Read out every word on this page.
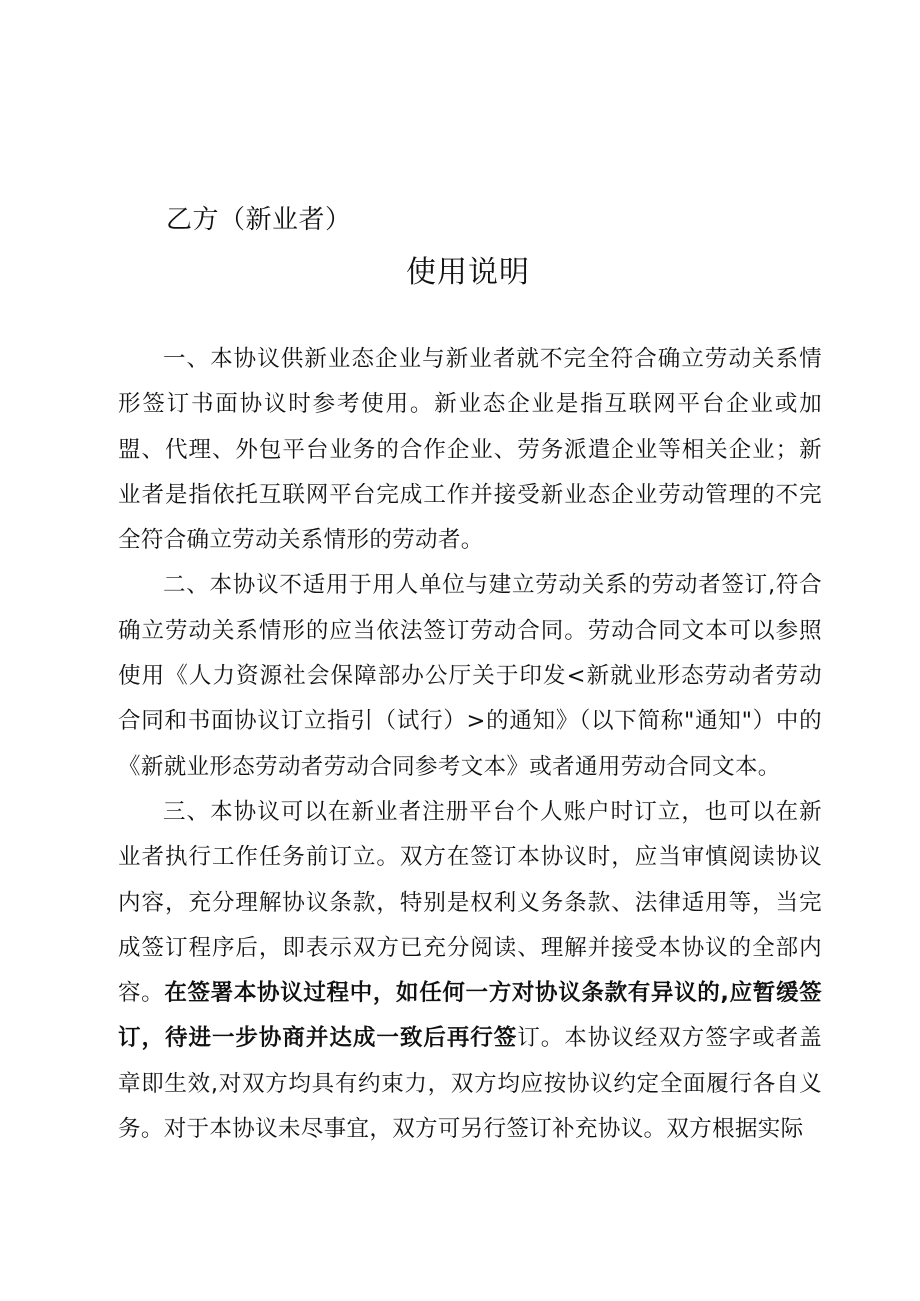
乙方（新业者）
使用说明

一、本协议供新业态企业与新业者就不完全符合确立劳动关系情形签订书面协议时参考使用。新业态企业是指互联网平台企业或加盟、代理、外包平台业务的合作企业、劳务派遣企业等相关企业；新业者是指依托互联网平台完成工作并接受新业态企业劳动管理的不完全符合确立劳动关系情形的劳动者。

二、本协议不适用于用人单位与建立劳动关系的劳动者签订,符合确立劳动关系情形的应当依法签订劳动合同。劳动合同文本可以参照使用《人力资源社会保障部办公厅关于印发<新就业形态劳动者劳动合同和书面协议订立指引（试行）>的通知》（以下简称"通知"）中的《新就业形态劳动者劳动合同参考文本》或者通用劳动合同文本。

三、本协议可以在新业者注册平台个人账户时订立，也可以在新业者执行工作任务前订立。双方在签订本协议时，应当审慎阅读协议内容，充分理解协议条款，特别是权利义务条款、法律适用等，当完成签订程序后，即表示双方已充分阅读、理解并接受本协议的全部内容。在签署本协议过程中，如任何一方对协议条款有异议的,应暂缓签订，待进一步协商并达成一致后再行签订。本协议经双方签字或者盖章即生效,对双方均具有约束力，双方均应按协议约定全面履行各自义务。对于本协议未尽事宜，双方可另行签订补充协议。双方根据实际
